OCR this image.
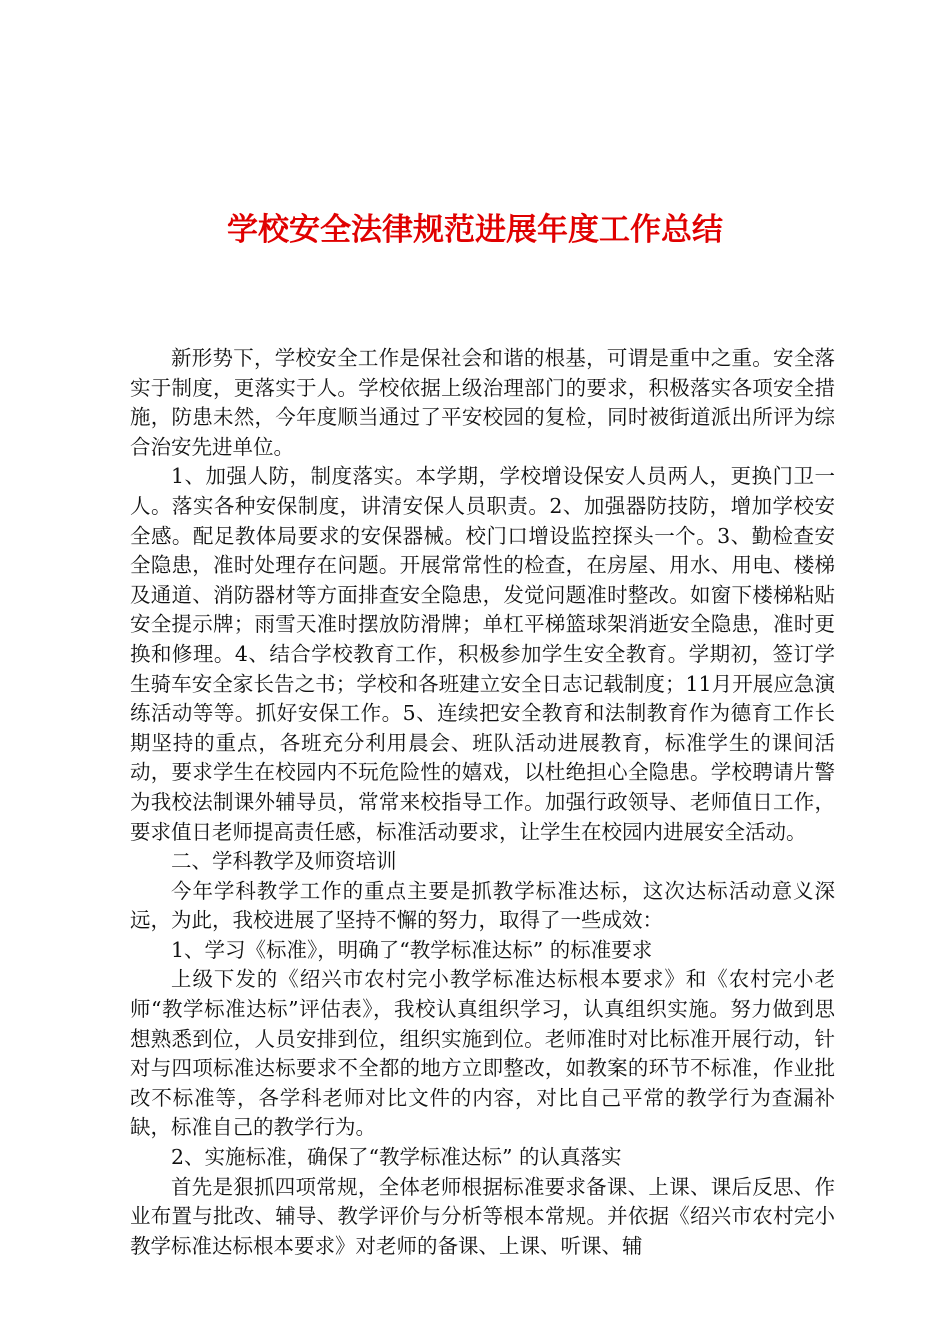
学校安全法律规范进展年度工作总结

新形势下，学校安全工作是保社会和谐的根基，可谓是重中之重。安全落实于制度，更落实于人。学校依据上级治理部门的要求，积极落实各项安全措施，防患未然，今年度顺当通过了平安校园的复检，同时被街道派出所评为综合治安先进单位。

1、加强人防，制度落实。本学期，学校增设保安人员两人，更换门卫一人。落实各种安保制度，讲清安保人员职责。2、加强器防技防，增加学校安全感。配足教体局要求的安保器械。校门口增设监控探头一个。3、勤检查安全隐患，准时处理存在问题。开展常常性的检查，在房屋、用水、用电、楼梯及通道、消防器材等方面排查安全隐患，发觉问题准时整改。如窗下楼梯粘贴安全提示牌；雨雪天准时摆放防滑牌；单杠平梯篮球架消逝安全隐患，准时更换和修理。4、结合学校教育工作，积极参加学生安全教育。学期初，签订学生骑车安全家长告之书；学校和各班建立安全日志记载制度；11月开展应急演练活动等等。抓好安保工作。5、连续把安全教育和法制教育作为德育工作长期坚持的重点，各班充分利用晨会、班队活动进展教育，标准学生的课间活动，要求学生在校园内不玩危险性的嬉戏，以杜绝担心全隐患。学校聘请片警为我校法制课外辅导员，常常来校指导工作。加强行政领导、老师值日工作，要求值日老师提高责任感，标准活动要求，让学生在校园内进展安全活动。

二、学科教学及师资培训

今年学科教学工作的重点主要是抓教学标准达标，这次达标活动意义深远，为此，我校进展了坚持不懈的努力，取得了一些成效：

1、学习《标准》，明确了“教学标准达标” 的标准要求

上级下发的《绍兴市农村完小教学标准达标根本要求》和《农村完小老师“教学标准达标”评估表》，我校认真组织学习，认真组织实施。努力做到思想熟悉到位，人员安排到位，组织实施到位。老师准时对比标准开展行动，针对与四项标准达标要求不全都的地方立即整改，如教案的环节不标准，作业批改不标准等，各学科老师对比文件的内容，对比自己平常的教学行为查漏补缺，标准自己的教学行为。

2、实施标准，确保了“教学标准达标” 的认真落实

首先是狠抓四项常规，全体老师根据标准要求备课、上课、课后反思、作业布置与批改、辅导、教学评价与分析等根本常规。并依据《绍兴市农村完小教学标准达标根本要求》对老师的备课、上课、听课、辅
